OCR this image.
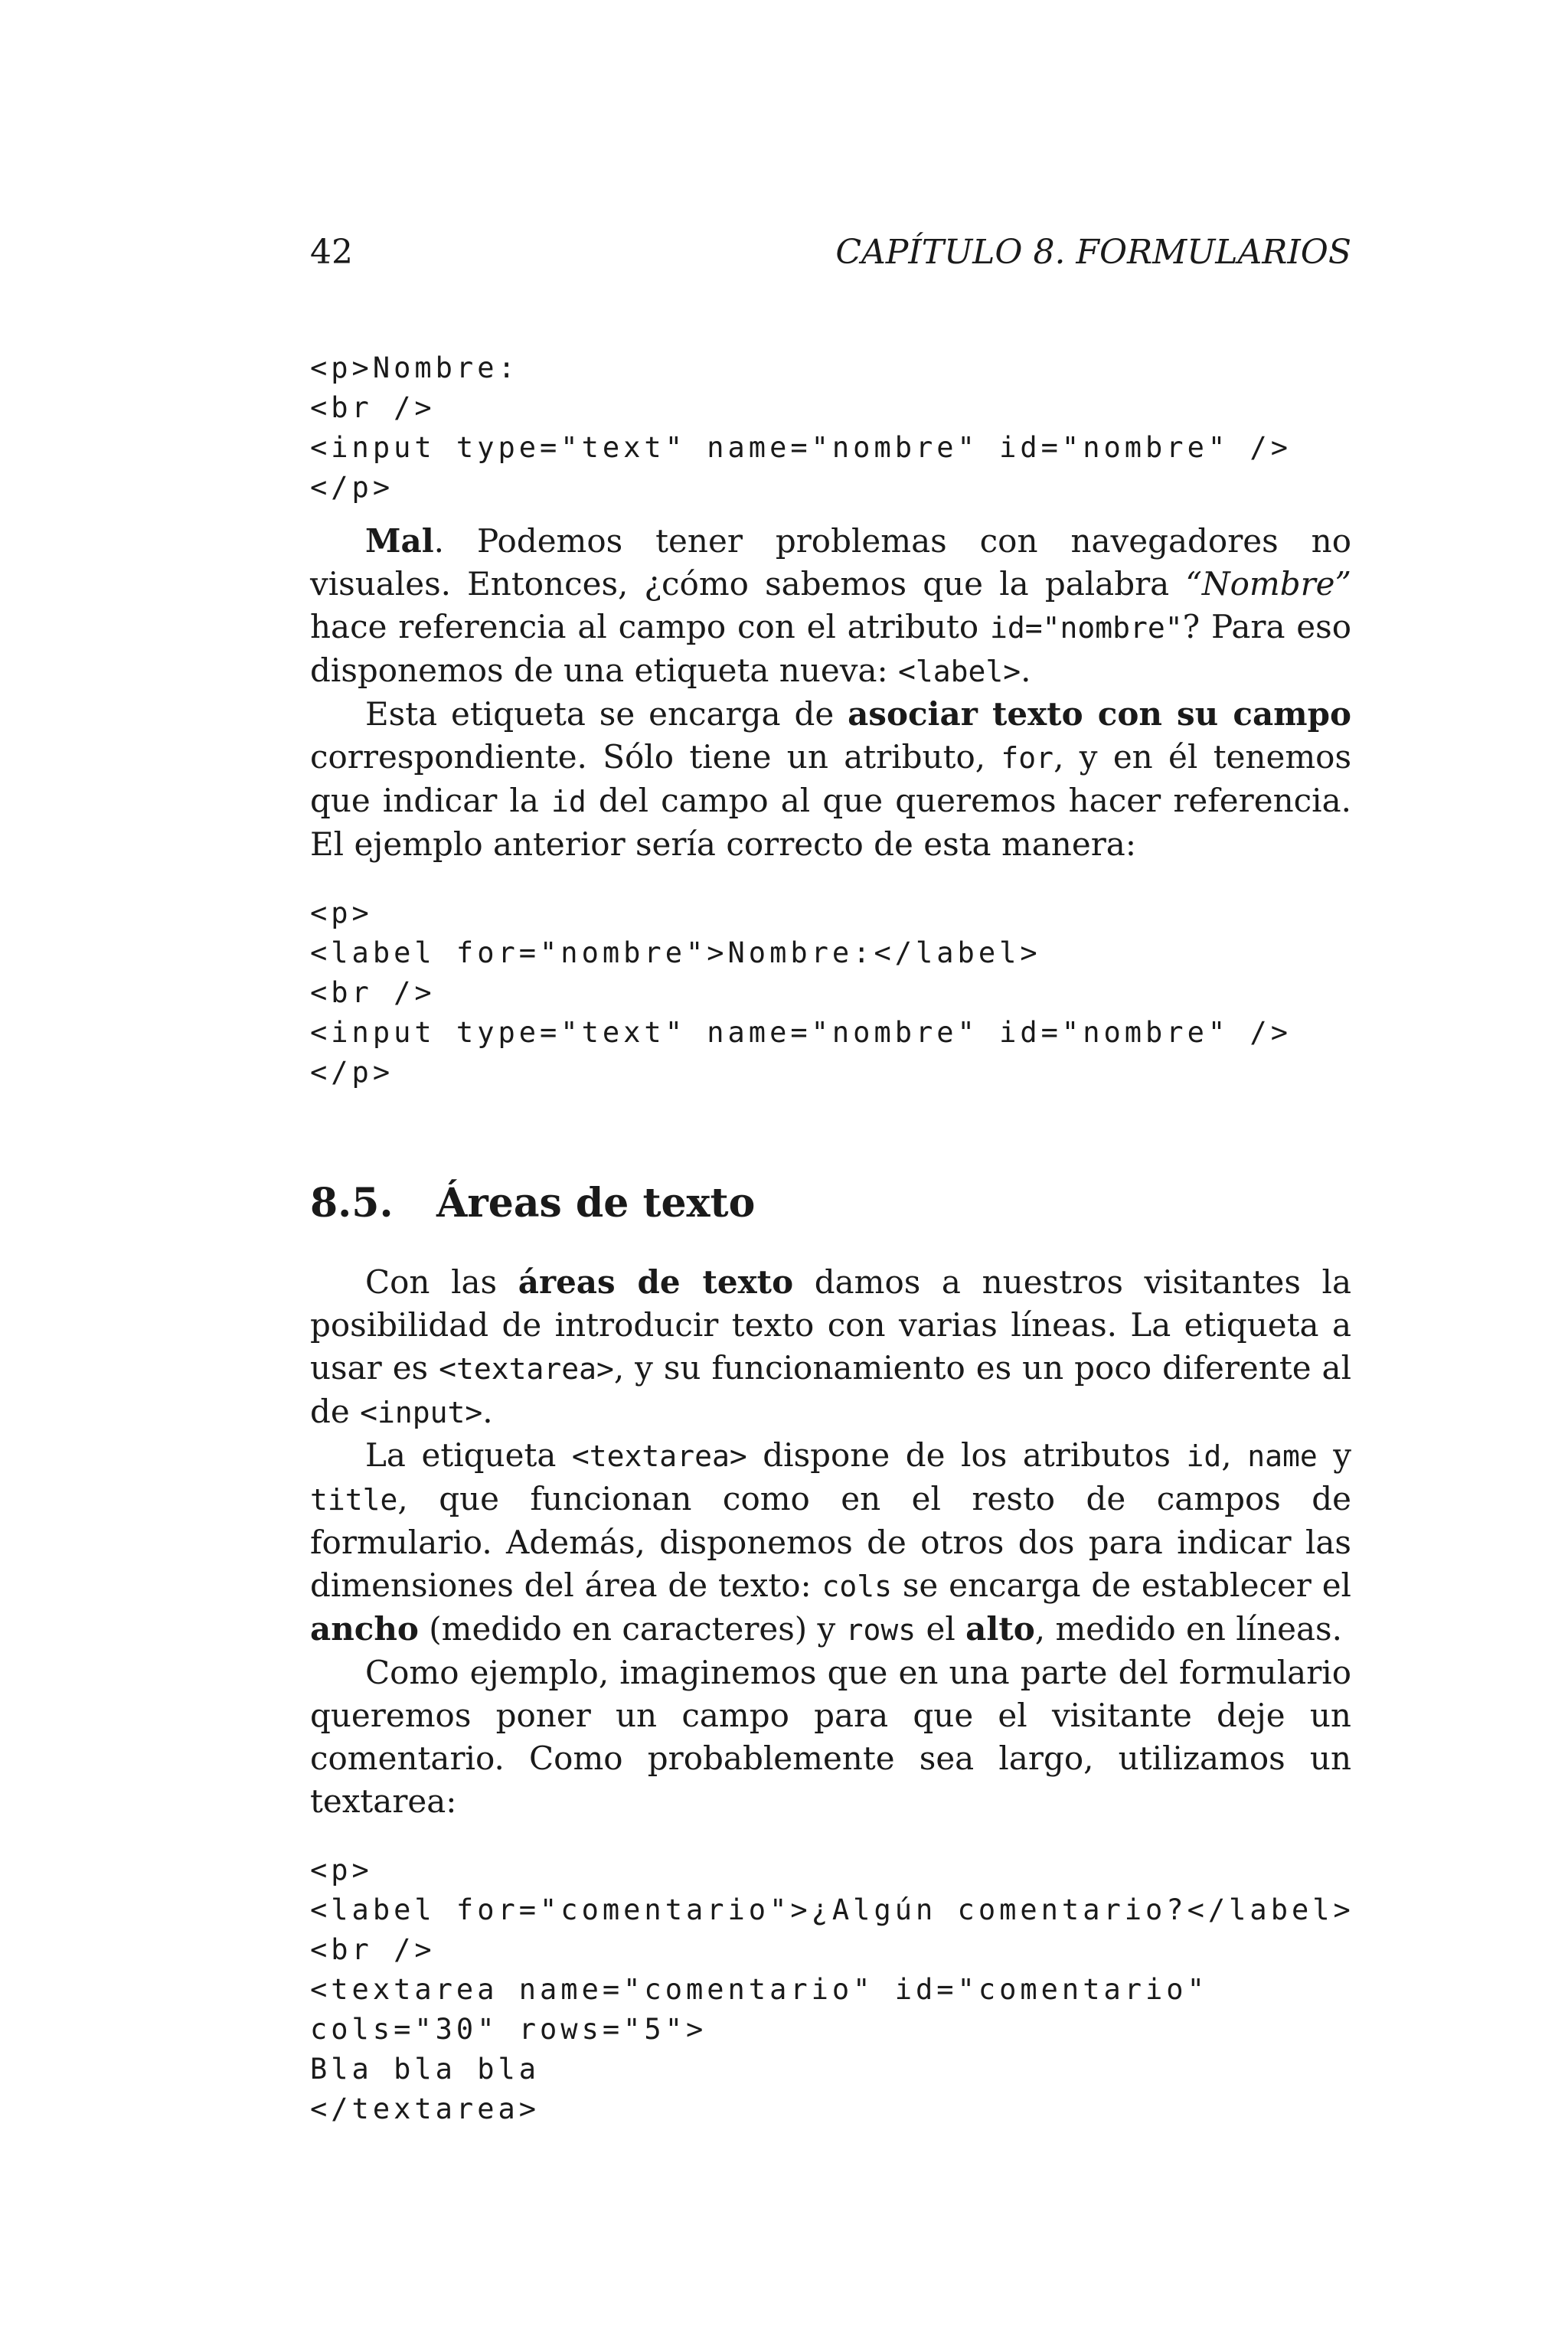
42	CAPÍTULO 8. FORMULARIOS
<p>Nombre:
<br />
<input type="text" name="nombre" id="nombre" />
</p>

Mal. Podemos tener problemas con navegadores no visuales. Entonces, ¿cómo sabemos que la palabra “Nombre” hace referencia al campo con el atributo id="nombre"? Para eso disponemos de una etiqueta nueva: <label>.

Esta etiqueta se encarga de asociar texto con su campo correspondiente. Sólo tiene un atributo, for, y en él tenemos que indicar la id del campo al que queremos hacer referencia. El ejemplo anterior sería correcto de esta manera:

<p>
<label for="nombre">Nombre:</label>
<br />
<input type="text" name="nombre" id="nombre" />
</p>
8.5. Áreas de texto

Con las áreas de texto damos a nuestros visitantes la posibilidad de introducir texto con varias líneas. La etiqueta a usar es <textarea>, y su funcionamiento es un poco diferente al de <input>.

La etiqueta <textarea> dispone de los atributos id, name y title, que funcionan como en el resto de campos de formulario. Además, disponemos de otros dos para indicar las dimensiones del área de texto: cols se encarga de establecer el ancho (medido en caracteres) y rows el alto, medido en líneas.

Como ejemplo, imaginemos que en una parte del formulario queremos poner un campo para que el visitante deje un comentario. Como probablemente sea largo, utilizamos un textarea:

<p>
<label for="comentario">¿Algún comentario?</label>
<br />
<textarea name="comentario" id="comentario"
cols="30" rows="5">
Bla bla bla
</textarea>
